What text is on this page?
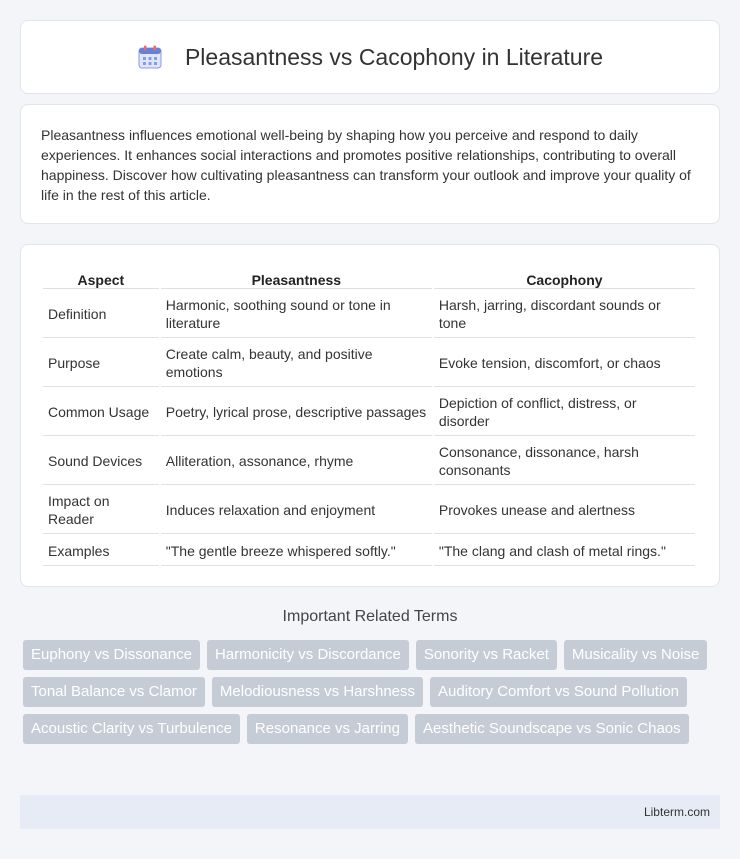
Pleasantness vs Cacophony in Literature

Pleasantness influences emotional well-being by shaping how you perceive and respond to daily experiences. It enhances social interactions and promotes positive relationships, contributing to overall happiness. Discover how cultivating pleasantness can transform your outlook and improve your quality of life in the rest of this article.

Aspect	Pleasantness	Cacophony
Definition	Harmonic, soothing sound or tone in literature	Harsh, jarring, discordant sounds or tone
Purpose	Create calm, beauty, and positive emotions	Evoke tension, discomfort, or chaos
Common Usage	Poetry, lyrical prose, descriptive passages	Depiction of conflict, distress, or disorder
Sound Devices	Alliteration, assonance, rhyme	Consonance, dissonance, harsh consonants
Impact on Reader	Induces relaxation and enjoyment	Provokes unease and alertness
Examples	"The gentle breeze whispered softly."	"The clang and clash of metal rings."
Important Related Terms
Euphony vs Dissonance	Harmonicity vs Discordance	Sonority vs Racket	Musicality vs Noise
Tonal Balance vs Clamor	Melodiousness vs Harshness	Auditory Comfort vs Sound Pollution
Acoustic Clarity vs Turbulence	Resonance vs Jarring	Aesthetic Soundscape vs Sonic Chaos
Libterm.com
